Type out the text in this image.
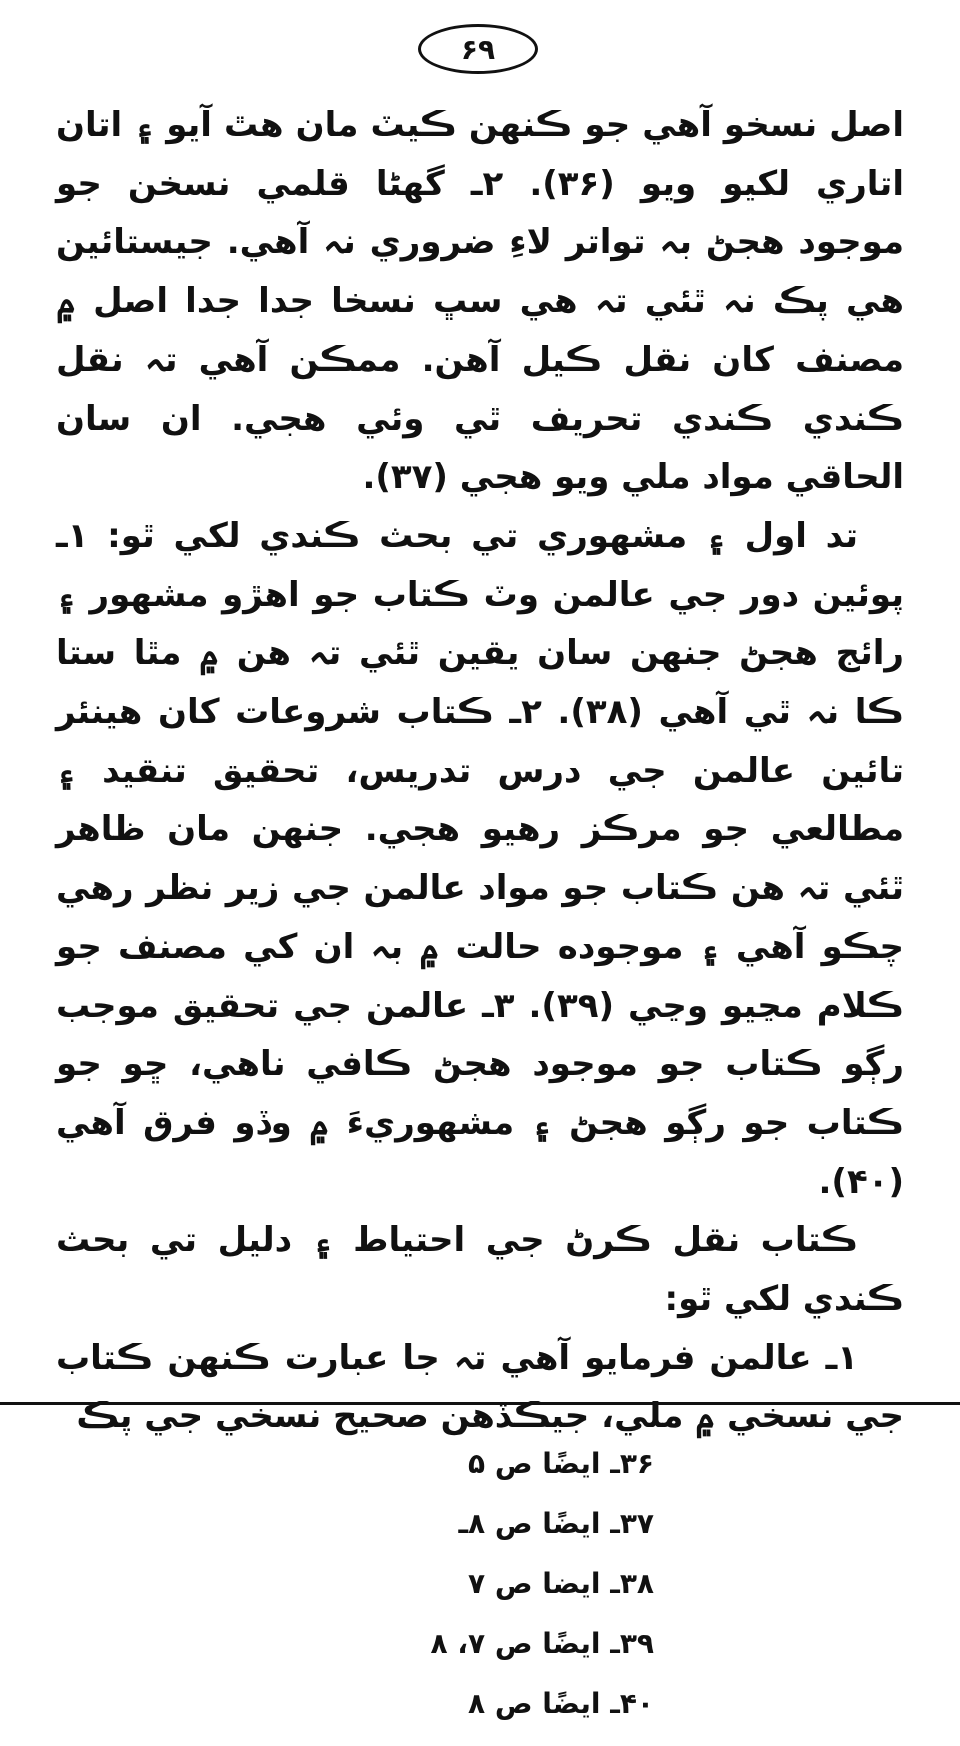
۶۹

اصل نسخو آهي جو ڪنهن ڪيٽ مان هٿ آيو ۽ اتان اتاري لکيو ويو (۳۶). ۲ـ گهڻا قلمي نسخن جو موجود هجڻ بہ تواتر لاءِ ضروري نہ آهي. جيستائين هي پڪ نہ ٿئي تہ هي سڀ نسخا جدا جدا اصل ۾ مصنف کان نقل ڪيل آهن. ممڪن آهي تہ نقل ڪندي ڪندي تحريف ٿي وئي هجي. ان سان الحاقي مواد ملي ويو هجي (۳۷).

تد اول ۽ مشهوري تي بحث ڪندي لکي ٿو: ۱ـ پوئين دور جي عالمن وٽ ڪتاب جو اهڙو مشهور ۽ رائج هجڻ جنهن سان يقين ٿئي تہ هن ۾ مٿا ستا ڪا نہ ٿي آهي (۳۸). ۲ـ ڪتاب شروعات کان هينئر تائين عالمن جي درس تدريس، تحقيق تنقيد ۽ مطالعي جو مرڪز رهيو هجي. جنهن مان ظاهر ٿئي تہ هن ڪتاب جو مواد عالمن جي زير نظر رهي چڪو آهي ۽ موجوده حالت ۾ بہ ان کي مصنف جو ڪلام مڃيو وڃي (۳۹). ۳ـ عالمن جي تحقيق موجب رڳو ڪتاب جو موجود هجڻ ڪافي ناهي، ڇو جو ڪتاب جو رڳو هجڻ ۽ مشهوريءَ ۾ وڏو فرق آهي (۴۰).

ڪتاب نقل ڪرڻ جي احتياط ۽ دليل تي بحث ڪندي لکي ٿو:

۱ـ عالمن فرمايو آهي تہ جا عبارت ڪنهن ڪتاب جي نسخي ۾ ملي، جيڪڏهن صحيح نسخي جي پڪ

۳۶ـ ايضًا ص ۵
۳۷ـ ايضًا ص ۸ـ
۳۸ـ ايضا ص ۷
۳۹ـ ايضًا ص ۷، ۸
۴۰ـ ايضًا ص ۸
